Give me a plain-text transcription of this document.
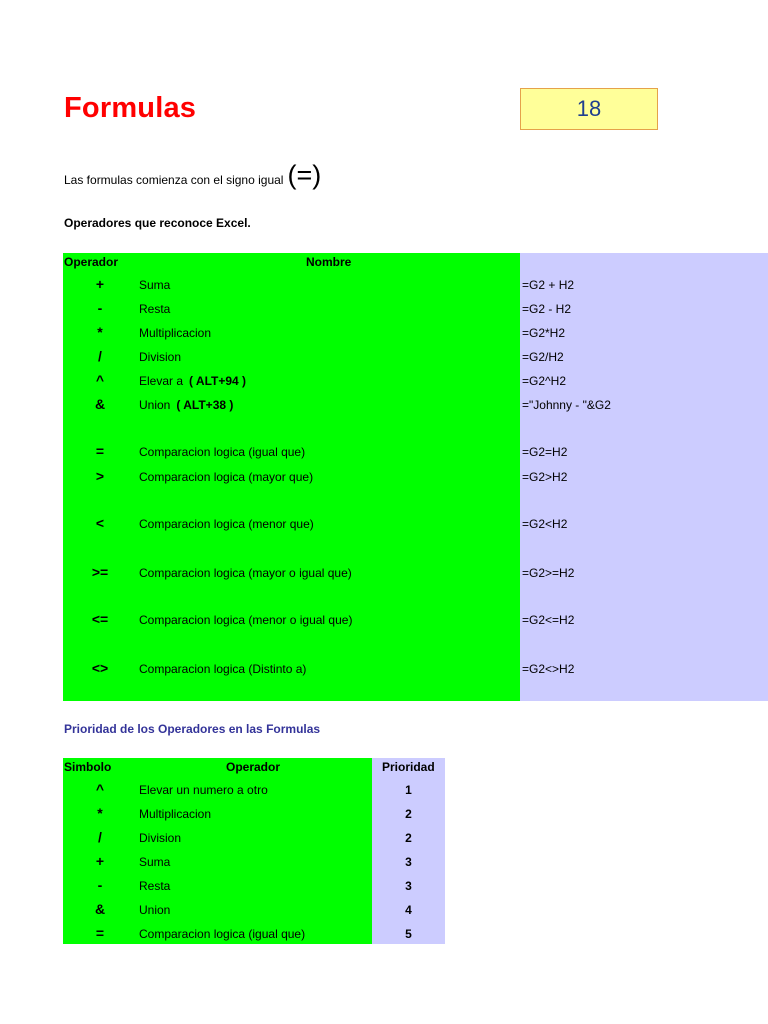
Formulas	18
Las formulas comienza con el signo igual (=)
Operadores que reconoce Excel.
Operador	Nombre
+	Suma	=G2 + H2
-	Resta	=G2 - H2
*	Multiplicacion	=G2*H2
/	Division	=G2/H2
^	Elevar a ( ALT+94 )	=G2^H2
&	Union ( ALT+38 )	="Johnny - "&G2
=	Comparacion logica (igual que)	=G2=H2
>	Comparacion logica (mayor que)	=G2>H2
<	Comparacion logica (menor que)	=G2<H2
>=	Comparacion logica (mayor o igual que)	=G2>=H2
<=	Comparacion logica (menor o igual que)	=G2<=H2
<>	Comparacion logica (Distinto a)	=G2<>H2
Prioridad de los Operadores en las Formulas
Simbolo	Operador	Prioridad
^	Elevar un numero a otro	1
*	Multiplicacion	2
/	Division	2
+	Suma	3
-	Resta	3
&	Union	4
=	Comparacion logica (igual que)	5
